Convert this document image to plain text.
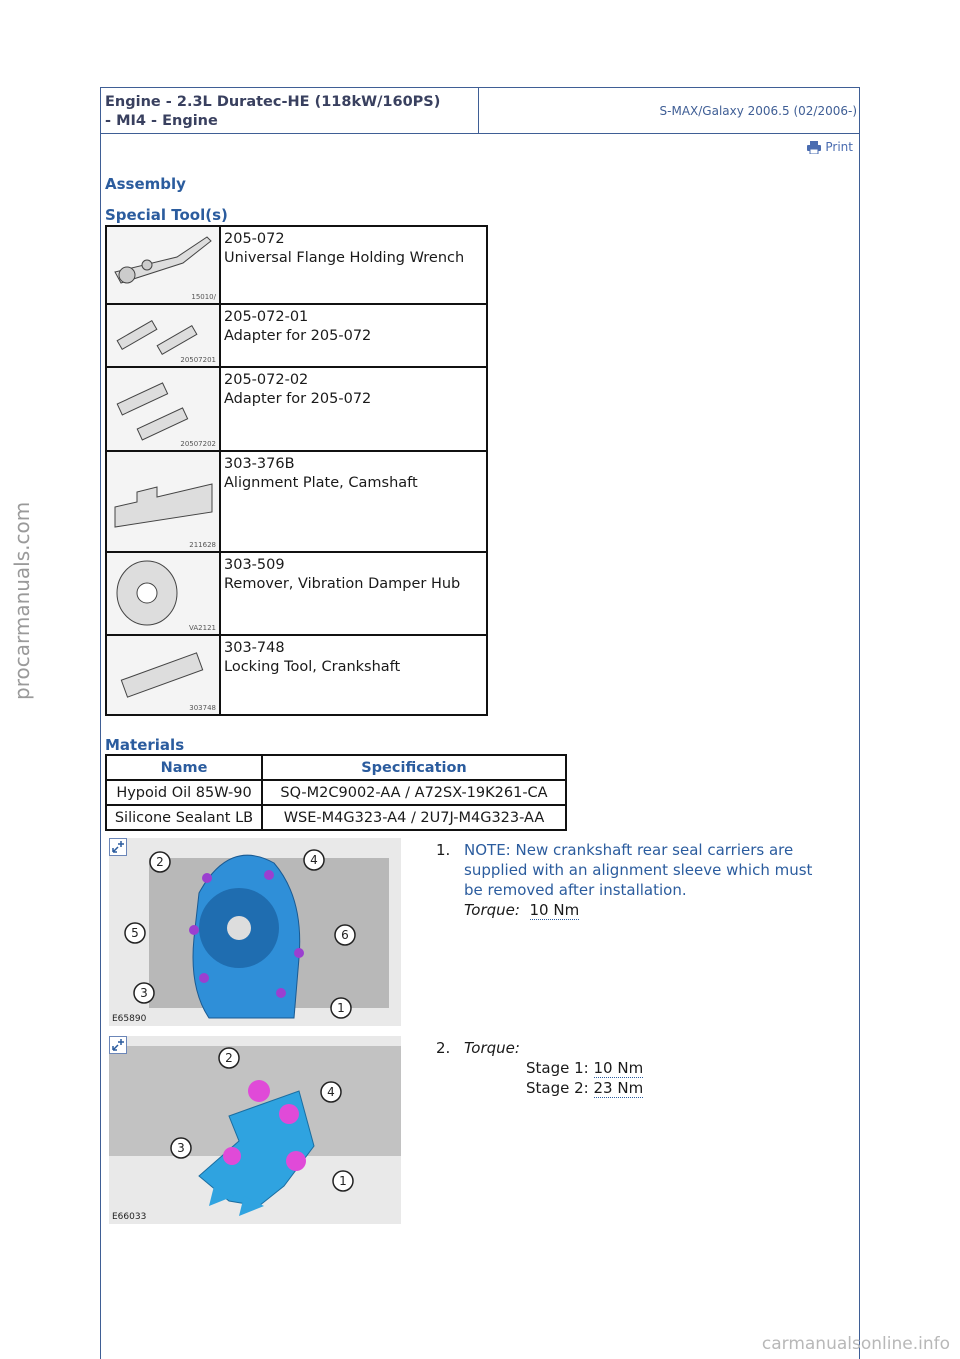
Engine - 2.3L Duratec-HE (118kW/160PS)
- MI4 - Engine
S-MAX/Galaxy 2006.5 (02/2006-)
Print
Assembly
Special Tool(s)
15010/	205-072
Universal Flange Holding Wrench

20507201	205-072-01
Adapter for 205-072

20507202	205-072-02
Adapter for 205-072

211628	303-376B
Alignment Plate, Camshaft

VA2121	303-509
Remover, Vibration Damper Hub

303748	303-748
Locking Tool, Crankshaft
Materials
Name	Specification
Hypoid Oil 85W-90	SQ-M2C9002-AA / A72SX-19K261-CA
Silicone Sealant LB	WSE-M4G323-A4 / 2U7J-M4G323-AA
2	4
5	6
3
1
E65890
1. NOTE: New crankshaft rear seal carriers are supplied with an alignment sleeve which must be removed after installation.
Torque: 10 Nm
2
4
3
1
E66033
2. Torque:
Stage 1: 10 Nm
Stage 2: 23 Nm
procarmanuals.com
carmanualsonline.info
